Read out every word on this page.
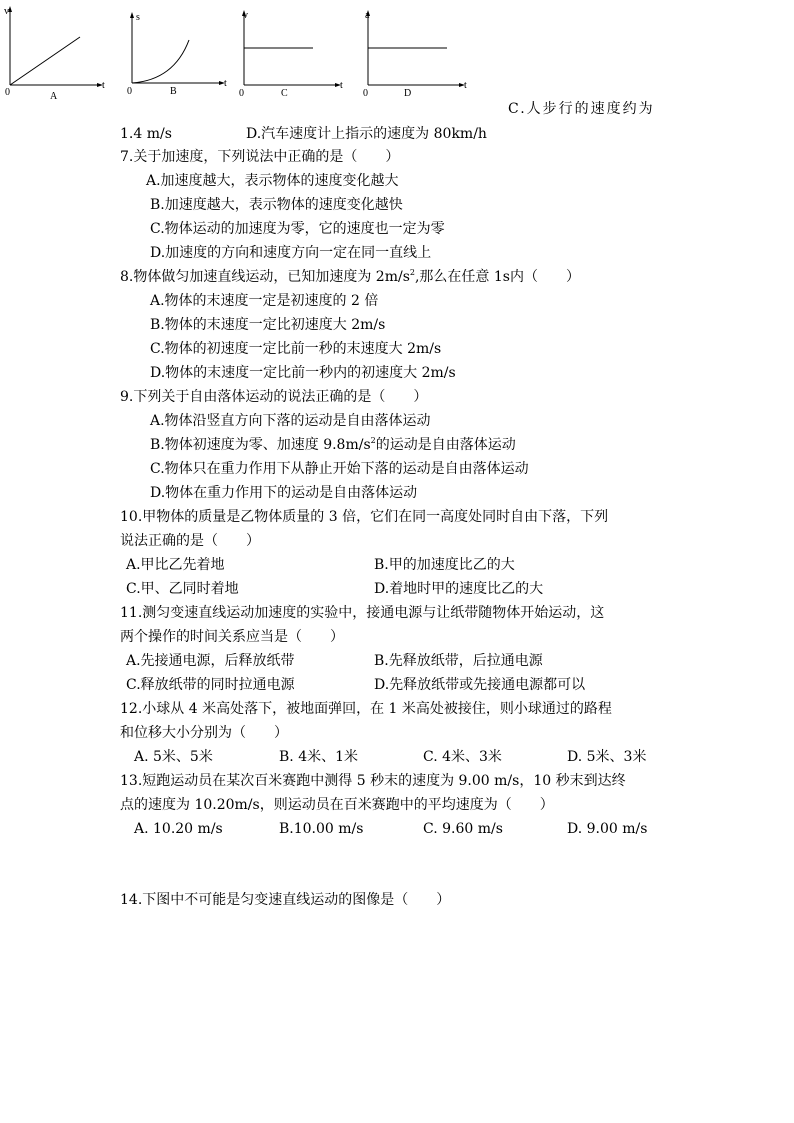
v
t
0	A
s
t
0	B
v
t
0	C
a
t
0	D
C.人步行的速度约为
1.4 m/s	D.汽车速度计上指示的速度为 80km/h
7.关于加速度，下列说法中正确的是（　　）
A.加速度越大，表示物体的速度变化越大
B.加速度越大，表示物体的速度变化越快
C.物体运动的加速度为零，它的速度也一定为零
D.加速度的方向和速度方向一定在同一直线上
8.物体做匀加速直线运动，已知加速度为 $2m/s^2$,那么在任意 1s内（　　）
A.物体的末速度一定是初速度的 2 倍
B.物体的末速度一定比初速度大 2m/s
C.物体的初速度一定比前一秒的末速度大 2m/s
D.物体的末速度一定比前一秒内的初速度大 2m/s
9.下列关于自由落体运动的说法正确的是（　　）
A.物体沿竖直方向下落的运动是自由落体运动
B.物体初速度为零、加速度 $9.8m/s^2$的运动是自由落体运动
C.物体只在重力作用下从静止开始下落的运动是自由落体运动
D.物体在重力作用下的运动是自由落体运动
10.甲物体的质量是乙物体质量的 3 倍，它们在同一高度处同时自由下落，下列
说法正确的是（　　）
A.甲比乙先着地	B.甲的加速度比乙的大
C.甲、乙同时着地	D.着地时甲的速度比乙的大
11.测匀变速直线运动加速度的实验中，接通电源与让纸带随物体开始运动，这
两个操作的时间关系应当是（　　）
A.先接通电源，后释放纸带	B.先释放纸带，后拉通电源
C.释放纸带的同时拉通电源	D.先释放纸带或先接通电源都可以
12.小球从 4 米高处落下，被地面弹回，在 1 米高处被接住，则小球通过的路程
和位移大小分别为（　　）
A. 5米、5米	B. 4米、1米	C. 4米、3米	D. 5米、3米
13.短跑运动员在某次百米赛跑中测得 5 秒末的速度为 9.00 m/s，10 秒末到达终
点的速度为 10.20m/s，则运动员在百米赛跑中的平均速度为（　　）
A. 10.20 m/s	B.10.00 m/s	C. 9.60 m/s	D. 9.00 m/s
14.下图中不可能是匀变速直线运动的图像是（　　）
